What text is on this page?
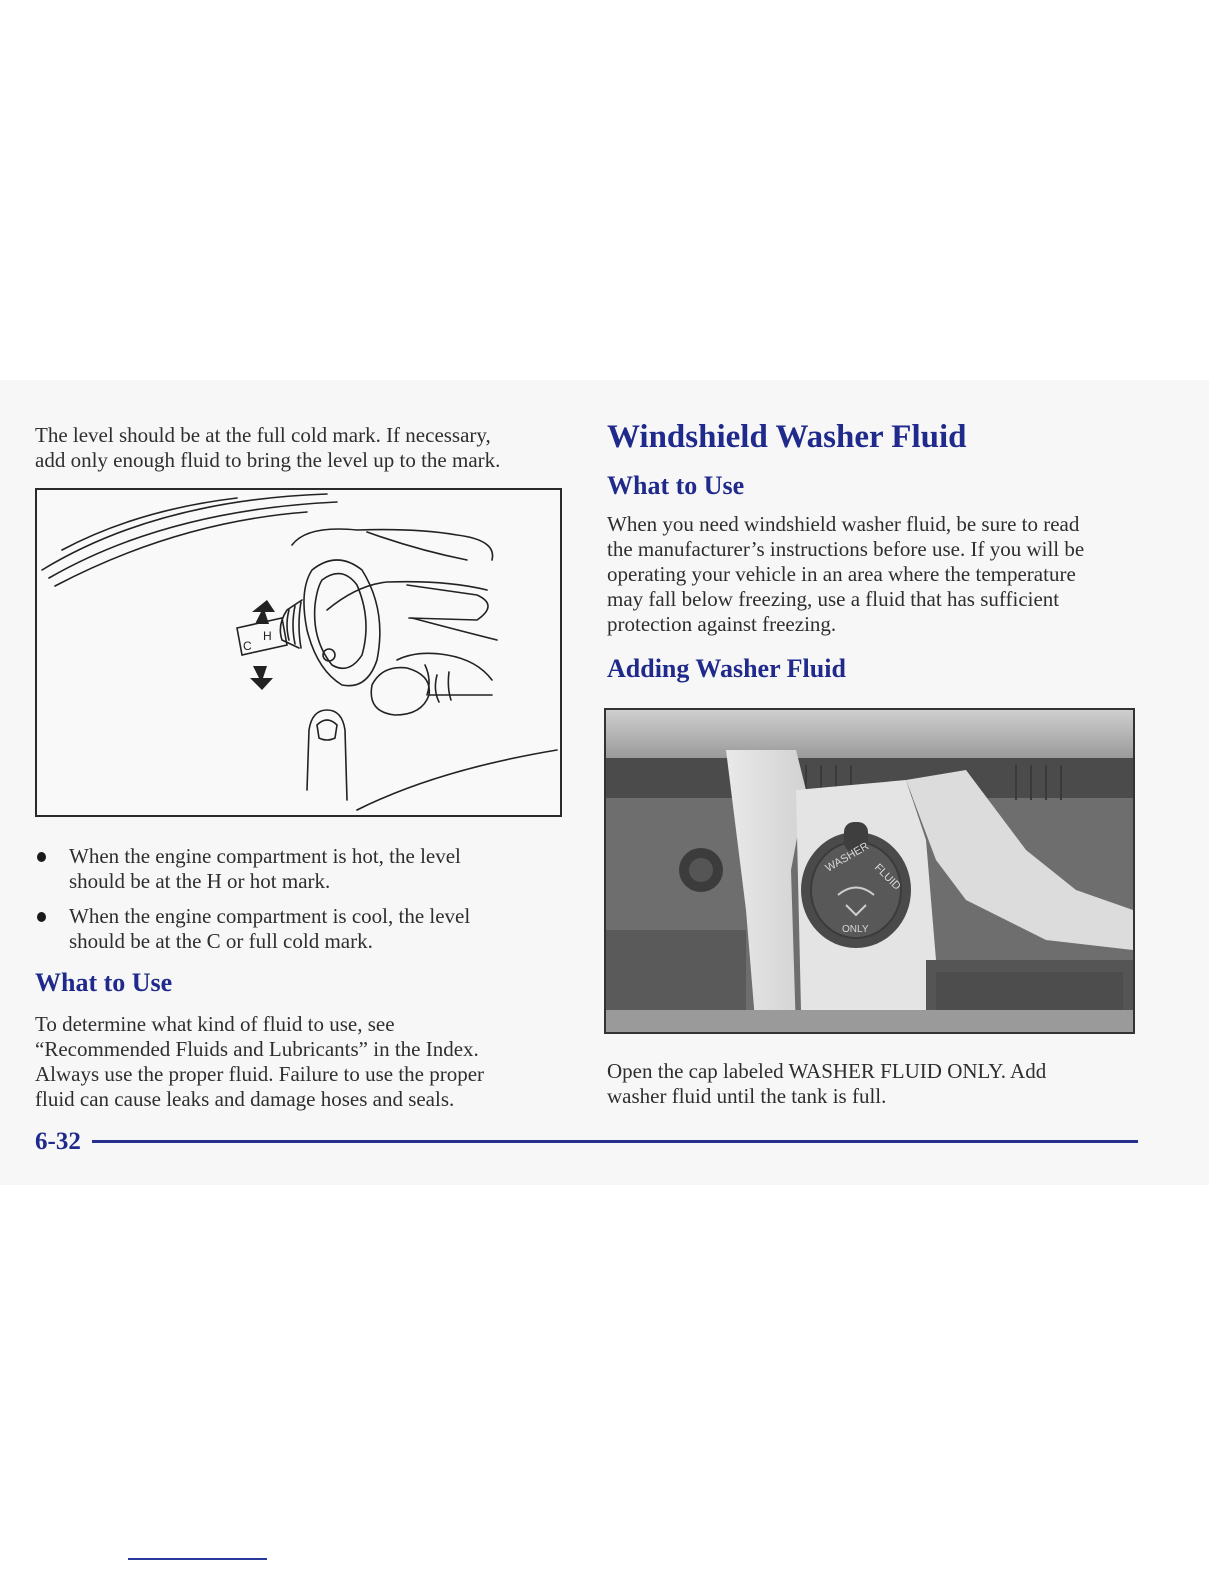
The level should be at the full cold mark. If necessary,

add only enough fluid to bring the level up to the mark.

C
H
When the engine compartment is hot, the level
should be at the H or hot mark.
When the engine compartment is cool, the level
should be at the C or full cold mark.
What to Use

To determine what kind of fluid to use, see

“Recommended Fluids and Lubricants” in the Index.

Always use the proper fluid. Failure to use the proper

fluid can cause leaks and damage hoses and seals.

Windshield Washer Fluid
What to Use

When you need windshield washer fluid, be sure to read

the manufacturer’s instructions before use. If you will be

operating your vehicle in an area where the temperature

may fall below freezing, use a fluid that has sufficient

protection against freezing.

Adding Washer Fluid
WASHER
FLUID
ONLY

Open the cap labeled WASHER FLUID ONLY. Add

washer fluid until the tank is full.

6-32
